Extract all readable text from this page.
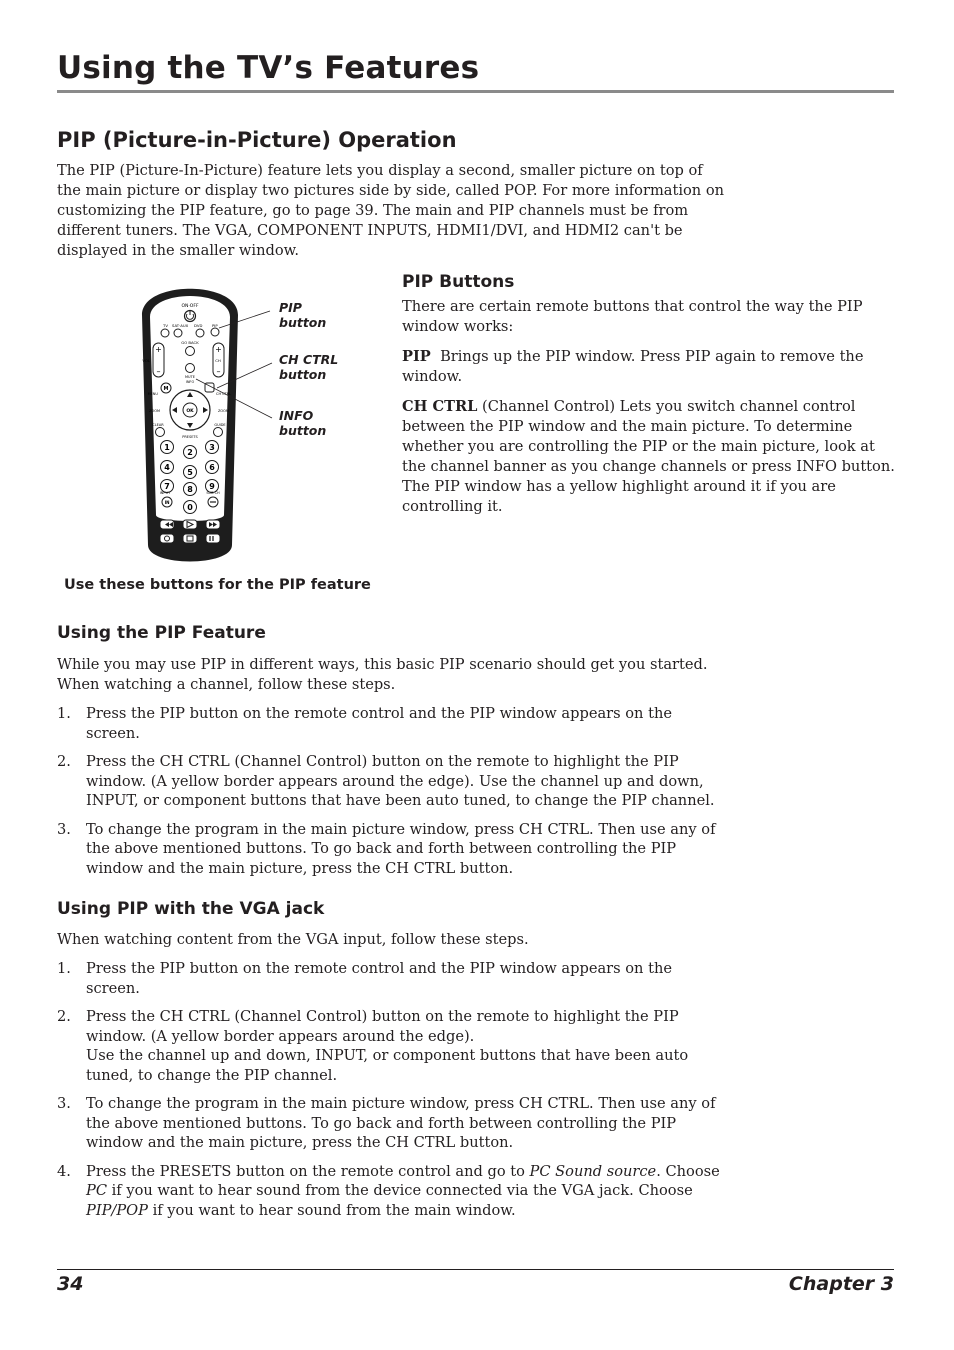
Using the TV’s Features
PIP (Picture-in-Picture) Operation

The PIP (Picture-In-Picture) feature lets you display a second, smaller picture on top of the main picture or display two pictures side by side, called POP. For more information on customizing the PIP feature, go to page 39. The main and PIP channels must be from different tuners. The VGA, COMPONENT INPUTS, HDMI1/DVI, and HDMI2 can't be displayed in the smaller window.

ON·OFF
TV SAT·AUX DVD	PIP
GO BACK
+
–
VOL
+
–
CH
MUTE
INFO
M
MENU	CH CTRL
OK
ZOOM	ZOOM
CLEAR	GUIDE
PRESETS
1
2
3
4
5
6
7 8 9
0
INPUT
IN
SUB CH
PIP
button
CH CTRL
button
INFO
button
Use these buttons for the PIP feature
PIP Buttons

There are certain remote buttons that control the way the PIP window works:

PIP Brings up the PIP window. Press PIP again to remove the window.

CH CTRL (Channel Control) Lets you switch channel control between the PIP window and the main picture. To determine whether you are controlling the PIP or the main picture, look at the channel banner as you change channels or press INFO button. The PIP window has a yellow highlight around it if you are controlling it.

Using the PIP Feature

While you may use PIP in different ways, this basic PIP scenario should get you started. When watching a channel, follow these steps.

1. Press the PIP button on the remote control and the PIP window appears on the screen.
2. Press the CH CTRL (Channel Control) button on the remote to highlight the PIP window. (A yellow border appears around the edge). Use the channel up and down, INPUT, or component buttons that have been auto tuned, to change the PIP channel.
3. To change the program in the main picture window, press CH CTRL. Then use any of the above mentioned buttons. To go back and forth between controlling the PIP window and the main picture, press the CH CTRL button.
Using PIP with the VGA jack

When watching content from the VGA input, follow these steps.

1. Press the PIP button on the remote control and the PIP window appears on the screen.
2. Press the CH CTRL (Channel Control) button on the remote to highlight the PIP window. (A yellow border appears around the edge).
Use the channel up and down, INPUT, or component buttons that have been auto tuned, to change the PIP channel.
3. To change the program in the main picture window, press CH CTRL. Then use any of the above mentioned buttons. To go back and forth between controlling the PIP window and the main picture, press the CH CTRL button.
4. Press the PRESETS button on the remote control and go to PC Sound source. Choose PC if you want to hear sound from the device connected via the VGA jack. Choose PIP/POP if you want to hear sound from the main window.
34	Chapter 3
